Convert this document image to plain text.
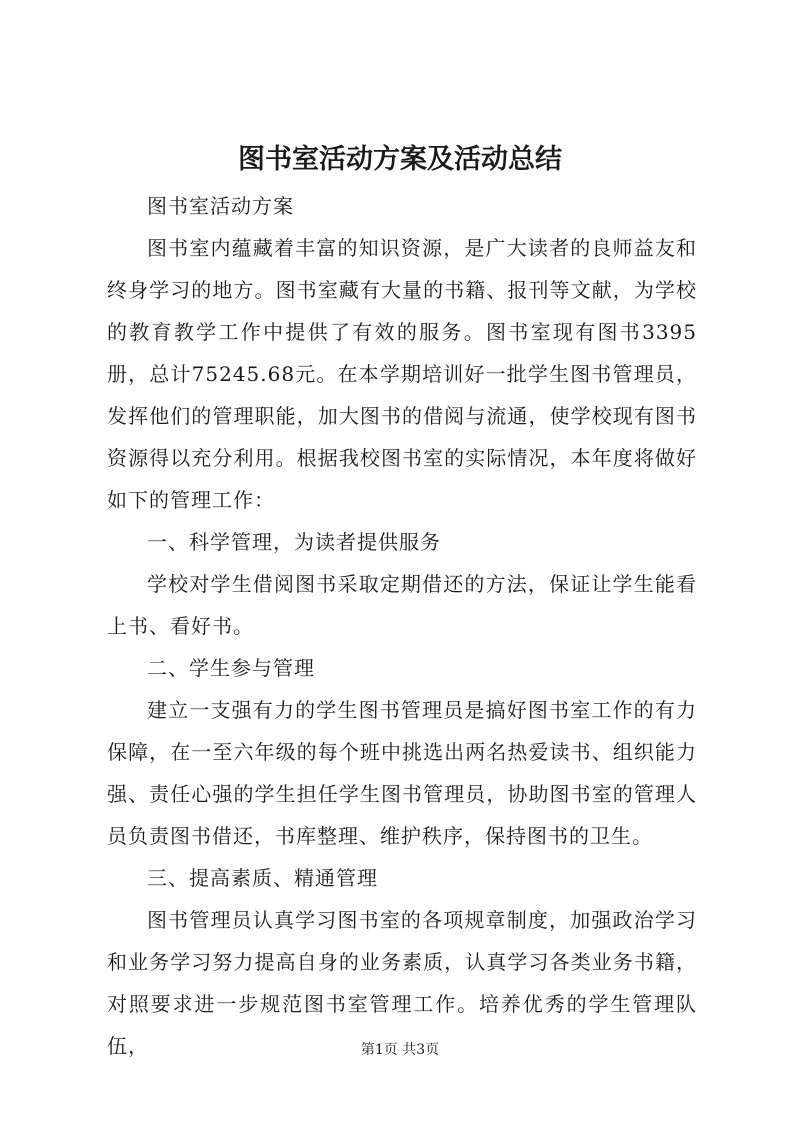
图书室活动方案及活动总结

图书室活动方案

图书室内蕴藏着丰富的知识资源，是广大读者的良师益友和终身学习的地方。图书室藏有大量的书籍、报刊等文献，为学校的教育教学工作中提供了有效的服务。图书室现有图书3395册，总计75245.68元。在本学期培训好一批学生图书管理员，发挥他们的管理职能，加大图书的借阅与流通，使学校现有图书资源得以充分利用。根据我校图书室的实际情况，本年度将做好如下的管理工作：

一、科学管理，为读者提供服务

学校对学生借阅图书采取定期借还的方法，保证让学生能看上书、看好书。

二、学生参与管理

建立一支强有力的学生图书管理员是搞好图书室工作的有力保障，在一至六年级的每个班中挑选出两名热爱读书、组织能力强、责任心强的学生担任学生图书管理员，协助图书室的管理人员负责图书借还，书库整理、维护秩序，保持图书的卫生。

三、提高素质、精通管理

图书管理员认真学习图书室的各项规章制度，加强政治学习和业务学习努力提高自身的业务素质，认真学习各类业务书籍，对照要求进一步规范图书室管理工作。培养优秀的学生管理队伍，	第1页 共3页
